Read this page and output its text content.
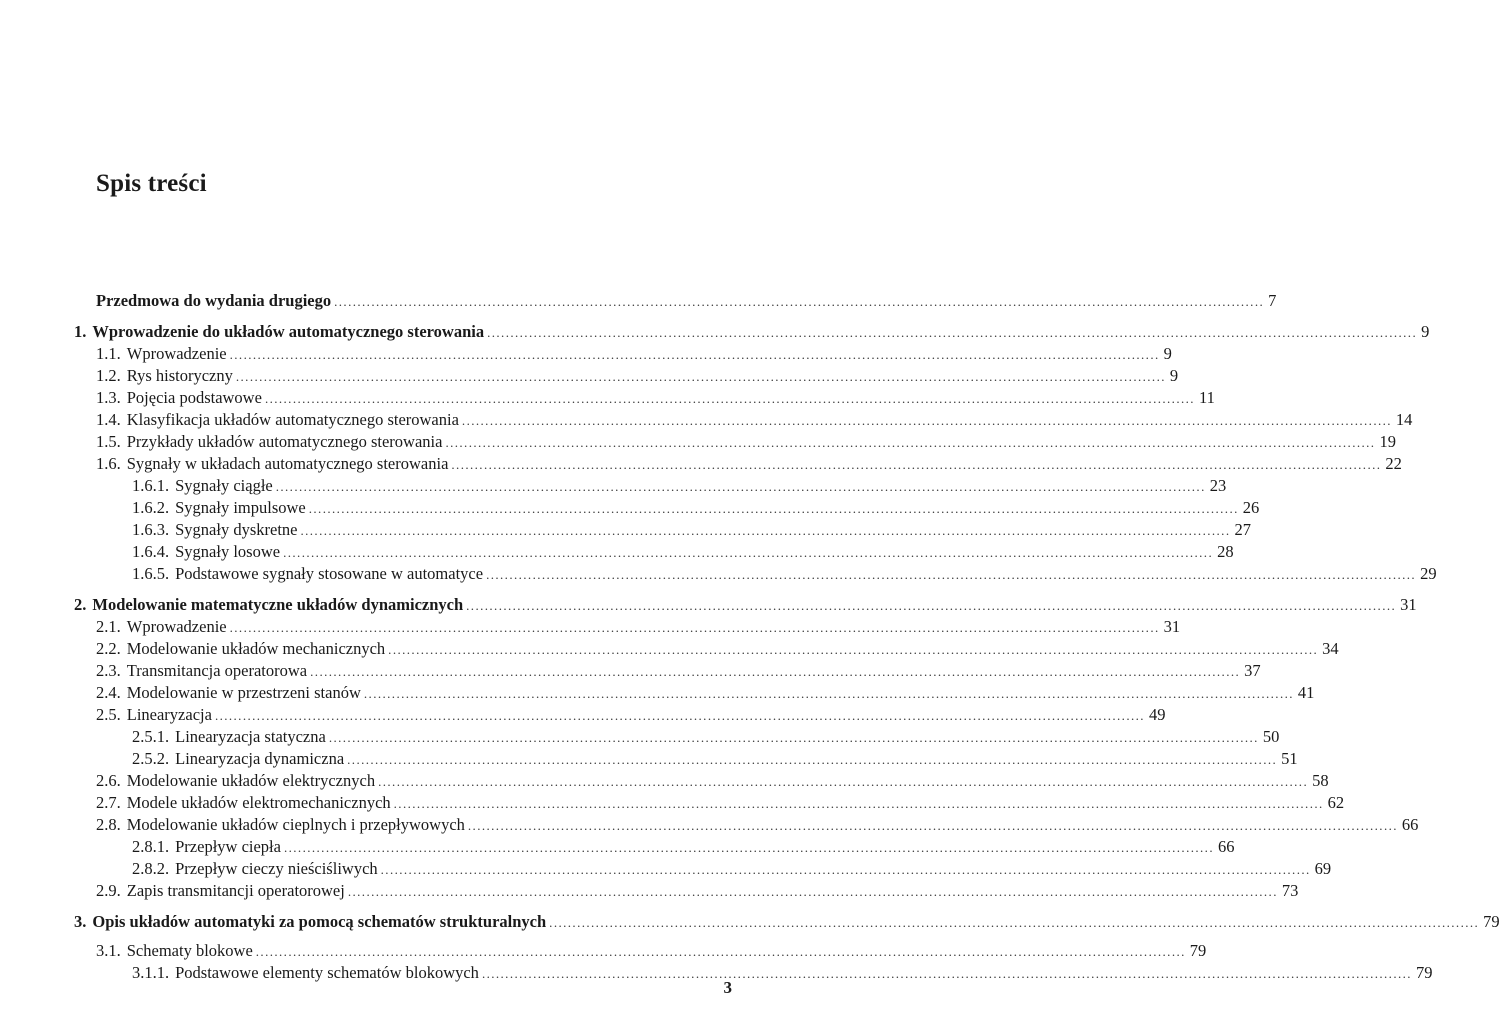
Spis treści
Przedmowa do wydania drugiego ........................................................................................................................................................................................................ 7
1. Wprowadzenie do układów automatycznego sterowania ........................................................................................................................................................................................................ 9
1.1. Wprowadzenie ........................................................................................................................................................................................................ 9
1.2. Rys historyczny ........................................................................................................................................................................................................ 9
1.3. Pojęcia podstawowe ........................................................................................................................................................................................................ 11
1.4. Klasyfikacja układów automatycznego sterowania ........................................................................................................................................................................................................ 14
1.5. Przykłady układów automatycznego sterowania ........................................................................................................................................................................................................ 19
1.6. Sygnały w układach automatycznego sterowania ........................................................................................................................................................................................................ 22
1.6.1. Sygnały ciągłe ........................................................................................................................................................................................................ 23
1.6.2. Sygnały impulsowe ........................................................................................................................................................................................................ 26
1.6.3. Sygnały dyskretne ........................................................................................................................................................................................................ 27
1.6.4. Sygnały losowe ........................................................................................................................................................................................................ 28
1.6.5. Podstawowe sygnały stosowane w automatyce ........................................................................................................................................................................................................ 29
2. Modelowanie matematyczne układów dynamicznych ........................................................................................................................................................................................................ 31
2.1. Wprowadzenie ........................................................................................................................................................................................................ 31
2.2. Modelowanie układów mechanicznych ........................................................................................................................................................................................................ 34
2.3. Transmitancja operatorowa ........................................................................................................................................................................................................ 37
2.4. Modelowanie w przestrzeni stanów ........................................................................................................................................................................................................ 41
2.5. Linearyzacja ........................................................................................................................................................................................................ 49
2.5.1. Linearyzacja statyczna ........................................................................................................................................................................................................ 50
2.5.2. Linearyzacja dynamiczna ........................................................................................................................................................................................................ 51
2.6. Modelowanie układów elektrycznych ........................................................................................................................................................................................................ 58
2.7. Modele układów elektromechanicznych ........................................................................................................................................................................................................ 62
2.8. Modelowanie układów cieplnych i przepływowych ........................................................................................................................................................................................................ 66
2.8.1. Przepływ ciepła ........................................................................................................................................................................................................ 66
2.8.2. Przepływ cieczy nieściśliwych ........................................................................................................................................................................................................ 69
2.9. Zapis transmitancji operatorowej ........................................................................................................................................................................................................ 73
3. Opis układów automatyki za pomocą schematów strukturalnych ........................................................................................................................................................................................................ 79
3.1. Schematy blokowe ........................................................................................................................................................................................................ 79
3.1.1. Podstawowe elementy schematów blokowych ........................................................................................................................................................................................................ 79
3
